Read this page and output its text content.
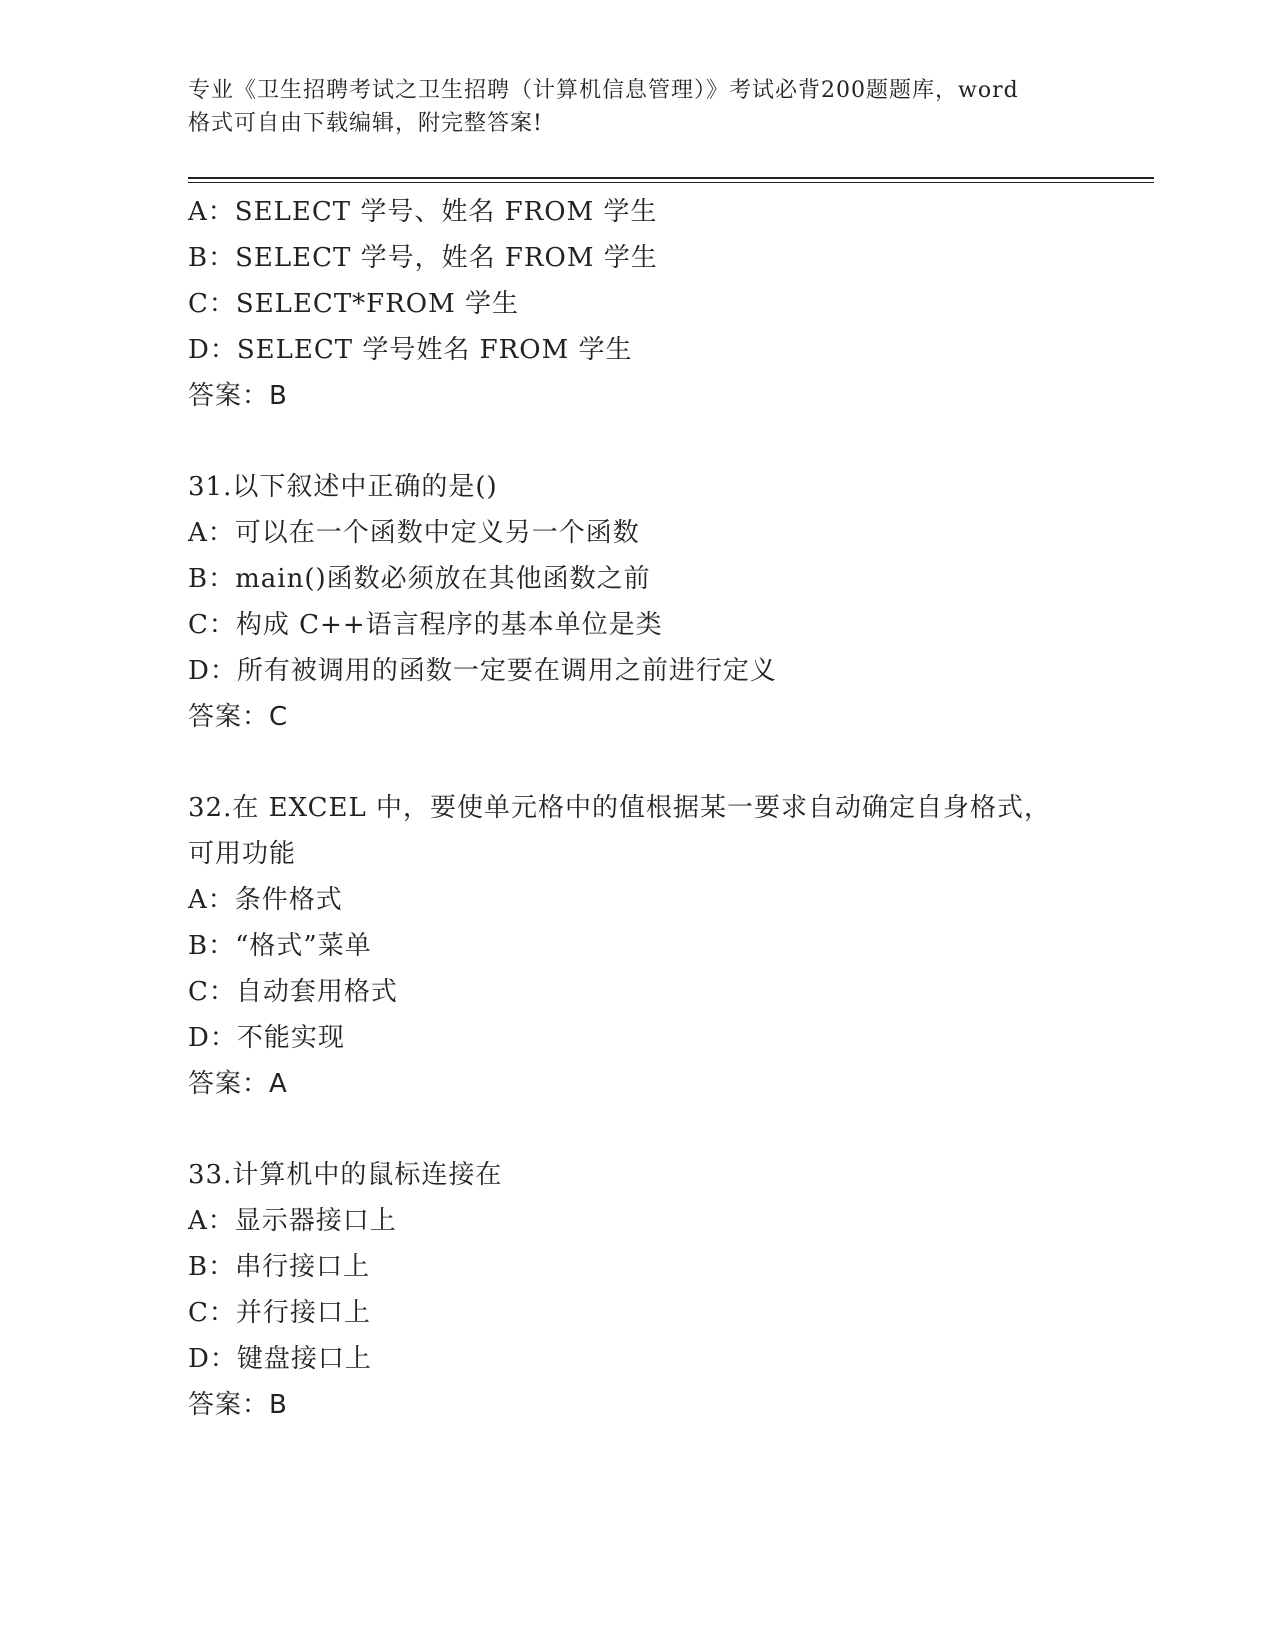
专业《卫生招聘考试之卫生招聘（计算机信息管理）》考试必背200题题库，word
格式可自由下载编辑，附完整答案!
A：SELECT 学号、姓名 FROM 学生
B：SELECT 学号，姓名 FROM 学生
C：SELECT*FROM 学生
D：SELECT 学号姓名 FROM 学生
答案：B
31.以下叙述中正确的是()
A：可以在一个函数中定义另一个函数
B：main()函数必须放在其他函数之前
C：构成 C++语言程序的基本单位是类
D：所有被调用的函数一定要在调用之前进行定义
答案：C
32.在 EXCEL 中，要使单元格中的值根据某一要求自动确定自身格式，
可用功能
A：条件格式
B：“格式”菜单
C：自动套用格式
D：不能实现
答案：A
33.计算机中的鼠标连接在
A：显示器接口上
B：串行接口上
C：并行接口上
D：键盘接口上
答案：B
